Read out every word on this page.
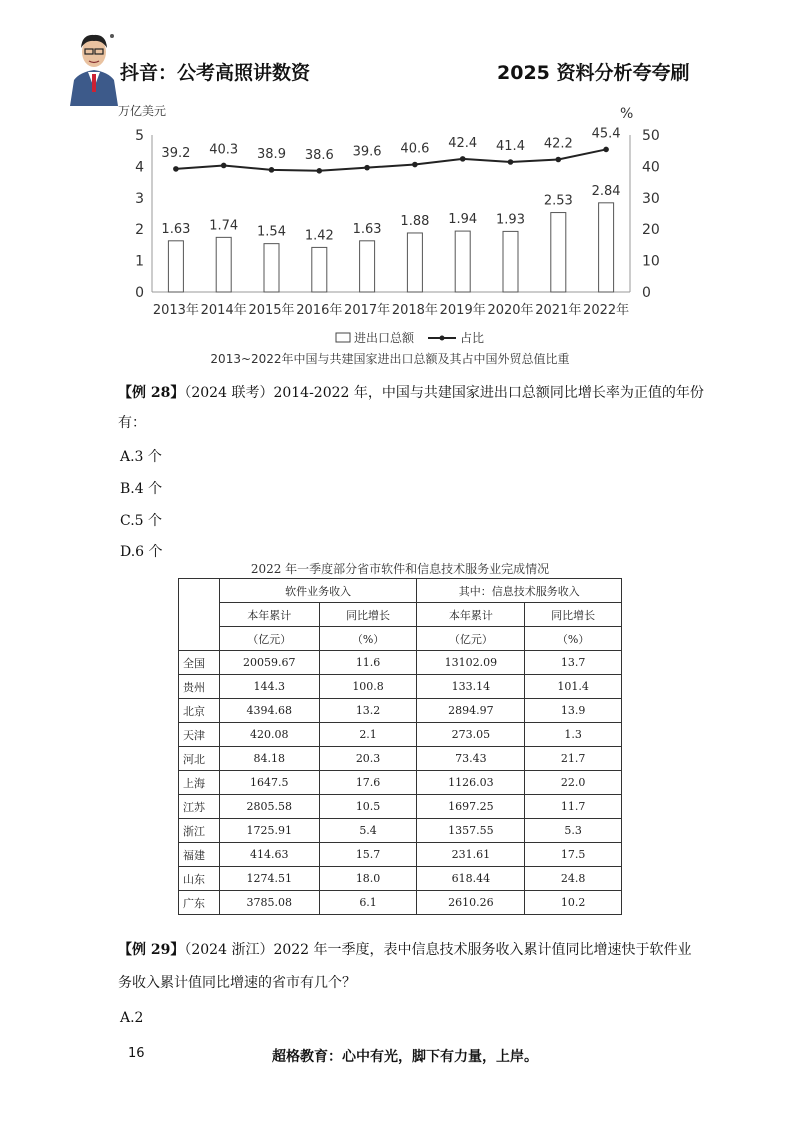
抖音：公考高照讲数资	2025 资料分析夸夸刷
万亿美元	%
0
1
2
3
4
5
0
10
20
30
40
50
1.63 1.74 1.54 1.42 1.63
1.88 1.94 1.93
2.53
2.84
39.2 40.3 38.9 38.6 39.6 40.6 42.4 41.4 42.2
45.4
2013年 2014年 2015年 2016年 2017年 2018年 2019年 2020年 2021年 2022年
进出口总额	占比
2013~2022年中国与共建国家进出口总额及其占中国外贸总值比重
【例 28】（2024 联考）2014-2022 年，中国与共建国家进出口总额同比增长率为正值的年份
有：
A.3 个
B.4 个
C.5 个
D.6 个
2022 年一季度部分省市软件和信息技术服务业完成情况
	软件业务收入		其中：信息技术服务收入	
	本年累计	同比增长	本年累计	同比增长
	（亿元）	（%）	（亿元）	（%）
全国	20059.67	11.6	13102.09	13.7
贵州	144.3	100.8	133.14	101.4
北京	4394.68	13.2	2894.97	13.9
天津	420.08	2.1	273.05	1.3
河北	84.18	20.3	73.43	21.7
上海	1647.5	17.6	1126.03	22.0
江苏	2805.58	10.5	1697.25	11.7
浙江	1725.91	5.4	1357.55	5.3
福建	414.63	15.7	231.61	17.5
山东	1274.51	18.0	618.44	24.8
广东	3785.08	6.1	2610.26	10.2
【例 29】（2024 浙江）2022 年一季度，表中信息技术服务收入累计值同比增速快于软件业
务收入累计值同比增速的省市有几个？
A.2
16	超格教育：心中有光，脚下有力量，上岸。
